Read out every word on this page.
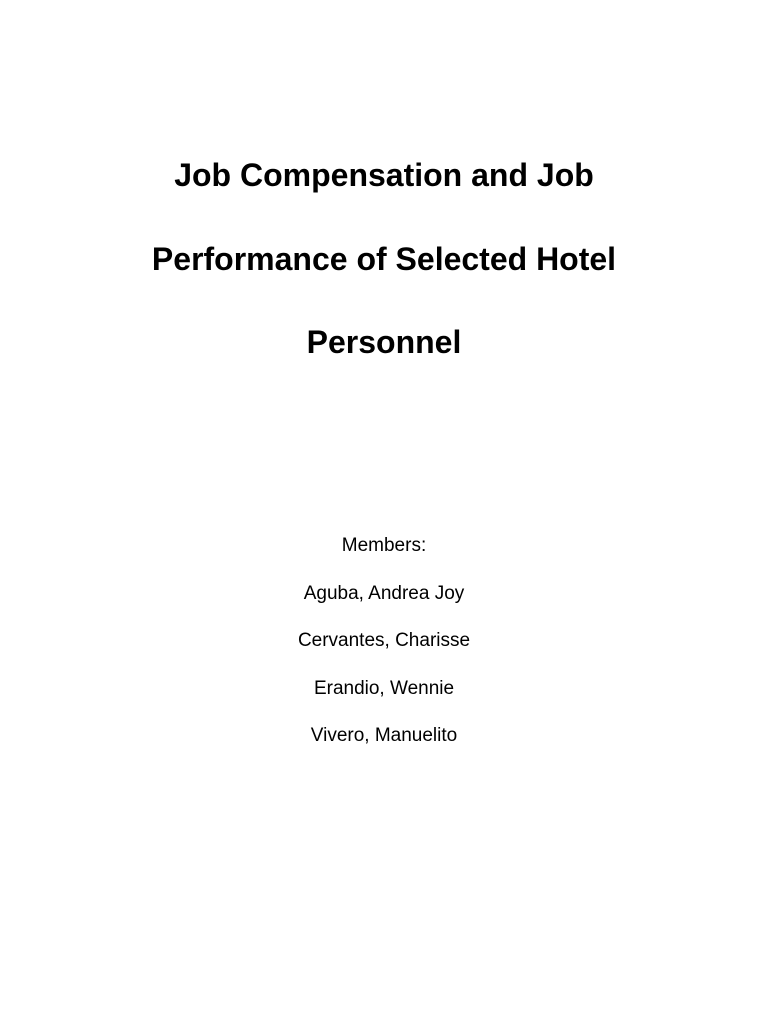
Job Compensation and Job
Performance of Selected Hotel
Personnel
Members:
Aguba, Andrea Joy
Cervantes, Charisse
Erandio, Wennie
Vivero, Manuelito
